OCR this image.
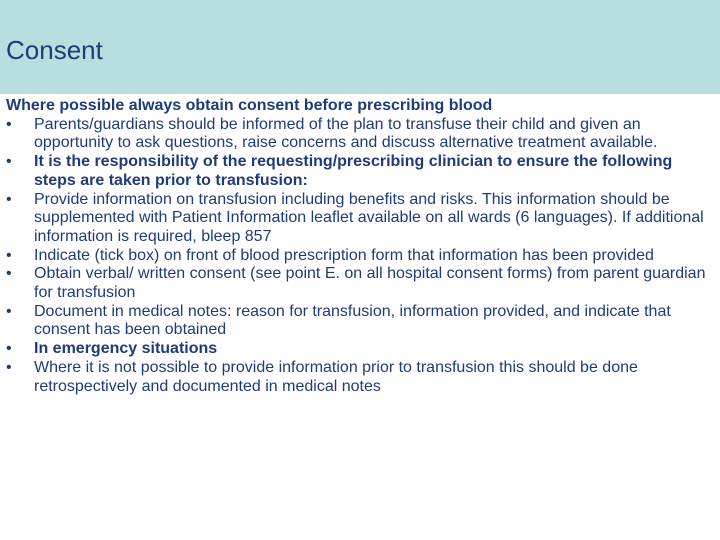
Consent

Where possible always obtain consent before prescribing blood

•	Parents/guardians should be informed of the plan to transfuse their child and given an opportunity to ask questions, raise concerns and discuss alternative treatment available.
•	It is the responsibility of the requesting/prescribing clinician to ensure the following steps are taken prior to transfusion:
•	Provide information on transfusion including benefits and risks. This information should be supplemented with Patient Information leaflet available on all wards (6 languages). If additional information is required, bleep 857
•	Indicate (tick box) on front of blood prescription form that information has been provided
•	Obtain verbal/ written consent (see point E. on all hospital consent forms) from parent guardian for transfusion
•	Document in medical notes: reason for transfusion, information provided, and indicate that consent has been obtained
•	In emergency situations
•	Where it is not possible to provide information prior to transfusion this should be done retrospectively and documented in medical notes
